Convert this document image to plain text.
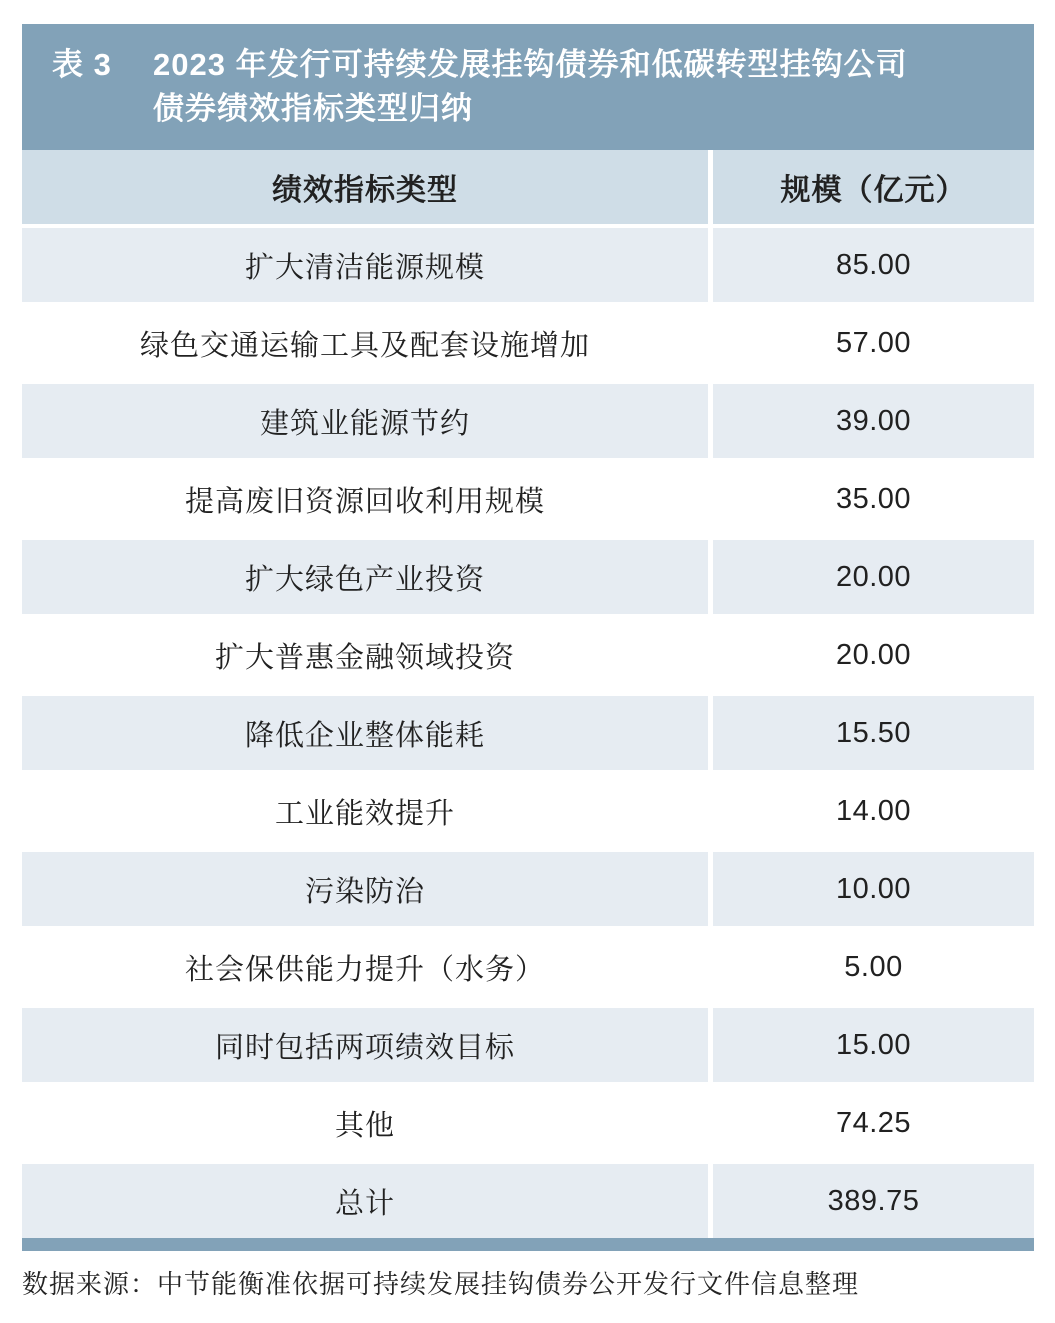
表 3	2023 年发行可持续发展挂钩债券和低碳转型挂钩公司
债券绩效指标类型归纳
绩效指标类型	规模（亿元）
扩大清洁能源规模	85.00
绿色交通运输工具及配套设施增加	57.00
建筑业能源节约	39.00
提高废旧资源回收利用规模	35.00
扩大绿色产业投资	20.00
扩大普惠金融领域投资	20.00
降低企业整体能耗	15.50
工业能效提升	14.00
污染防治	10.00
社会保供能力提升（水务）	5.00
同时包括两项绩效目标	15.00
其他	74.25
总计	389.75
数据来源：中节能衡准依据可持续发展挂钩债券公开发行文件信息整理
